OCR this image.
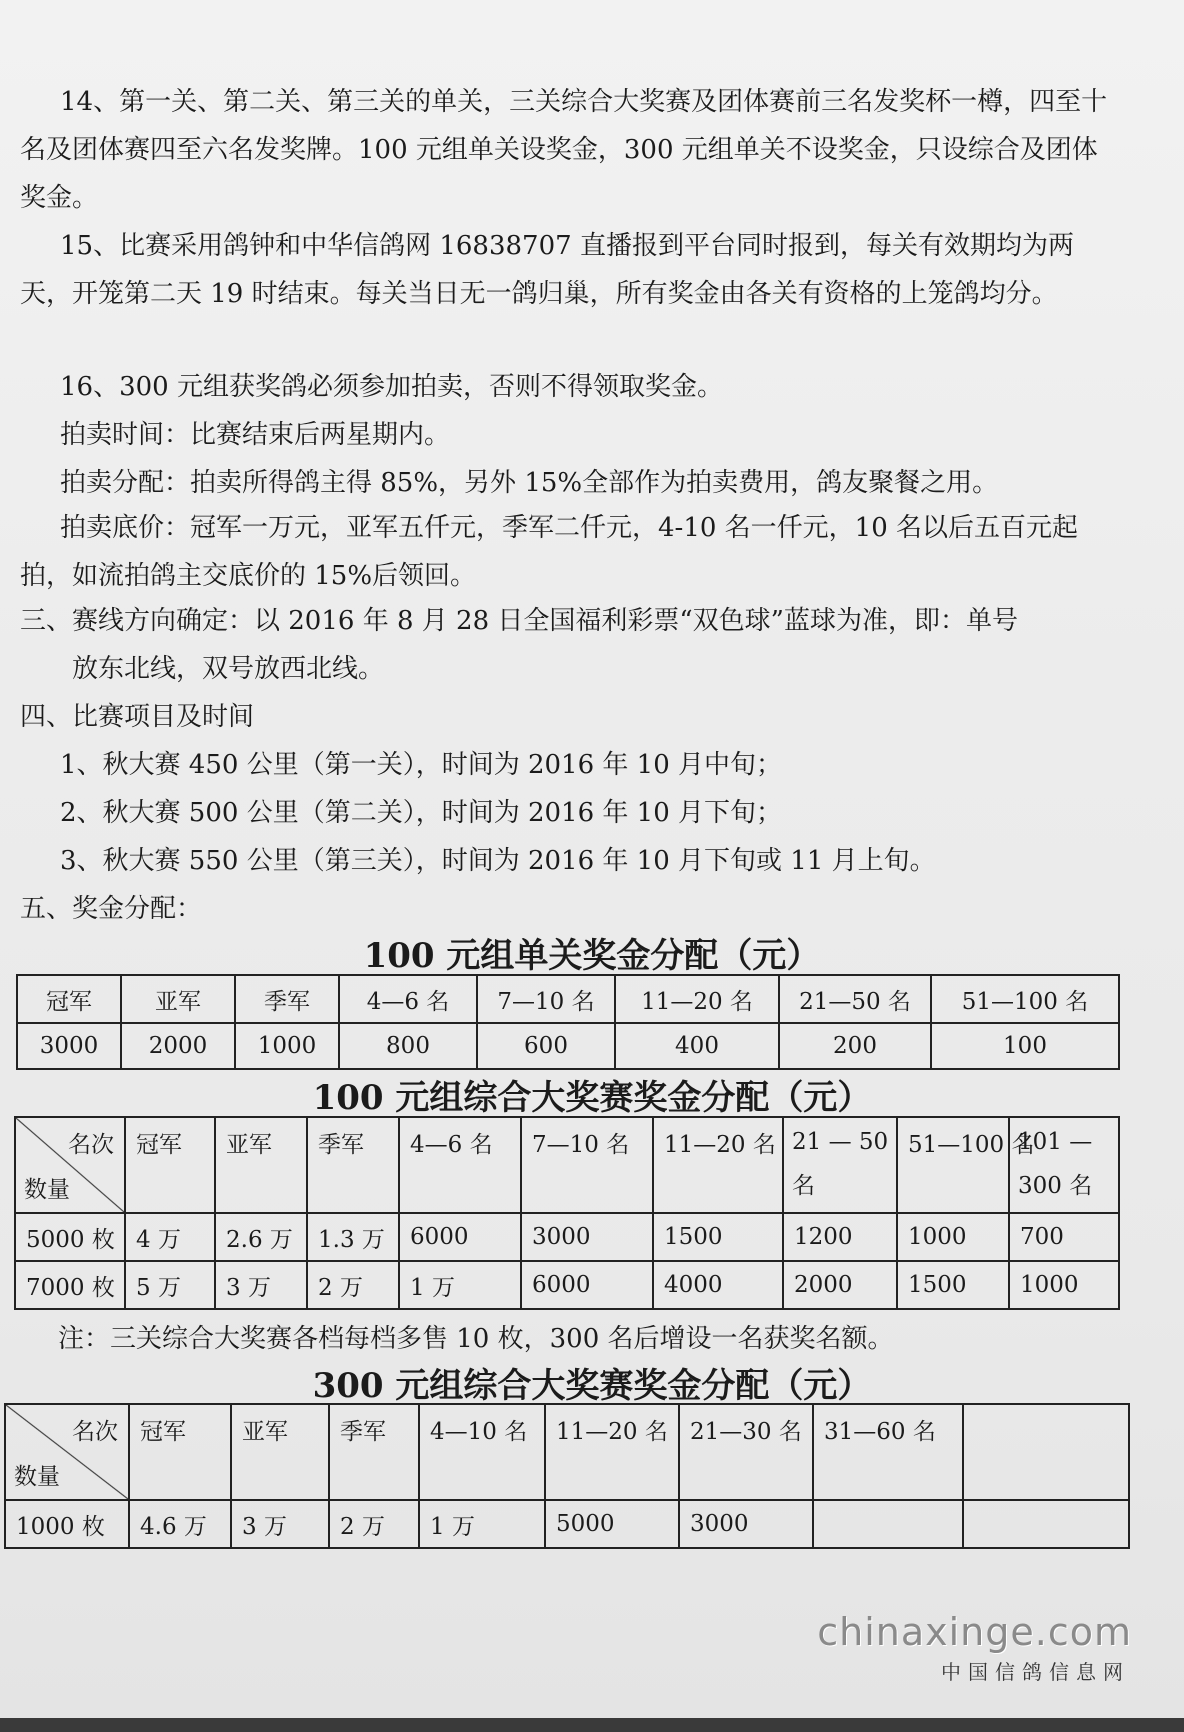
14、第一关、第二关、第三关的单关，三关综合大奖赛及团体赛前三名发奖杯一樽，四至十名及团体赛四至六名发奖牌。100 元组单关设奖金，300 元组单关不设奖金，只设综合及团体奖金。

15、比赛采用鸽钟和中华信鸽网 16838707 直播报到平台同时报到，每关有效期均为两天，开笼第二天 19 时结束。每关当日无一鸽归巢，所有奖金由各关有资格的上笼鸽均分。

16、300 元组获奖鸽必须参加拍卖，否则不得领取奖金。

拍卖时间：比赛结束后两星期内。

拍卖分配：拍卖所得鸽主得 85%，另外 15%全部作为拍卖费用，鸽友聚餐之用。

拍卖底价：冠军一万元，亚军五仟元，季军二仟元，4-10 名一仟元，10 名以后五百元起拍，如流拍鸽主交底价的 15%后领回。

三、赛线方向确定：以 2016 年 8 月 28 日全国福利彩票“双色球”蓝球为准，即：单号

放东北线，双号放西北线。

四、比赛项目及时间

1、秋大赛 450 公里（第一关），时间为 2016 年 10 月中旬；

2、秋大赛 500 公里（第二关），时间为 2016 年 10 月下旬；

3、秋大赛 550 公里（第三关），时间为 2016 年 10 月下旬或 11 月上旬。

五、奖金分配：

100 元组单关奖金分配（元）
冠军	亚军	季军	4—6 名	7—10 名	11—20 名	21—50 名	51—100 名
3000	2000	1000	800	600	400	200	100
100 元组综合大奖赛奖金分配（元）
名次
数量	冠军	亚军	季军	4—6 名	7—10 名	11—20 名	21 — 50 名	51—100 名	101 — 300 名
5000 枚	4 万	2.6 万	1.3 万	6000	3000	1500	1200	1000	700
7000 枚	5 万	3 万	2 万	1 万	6000	4000	2000	1500	1000

注：三关综合大奖赛各档每档多售 10 枚，300 名后增设一名获奖名额。

300 元组综合大奖赛奖金分配（元）
名次
数量	冠军	亚军	季军	4—10 名	11—20 名	21—30 名	31—60 名	
1000 枚	4.6 万	3 万	2 万	1 万	5000	3000		
chinaxinge.com
中国信鸽信息网
